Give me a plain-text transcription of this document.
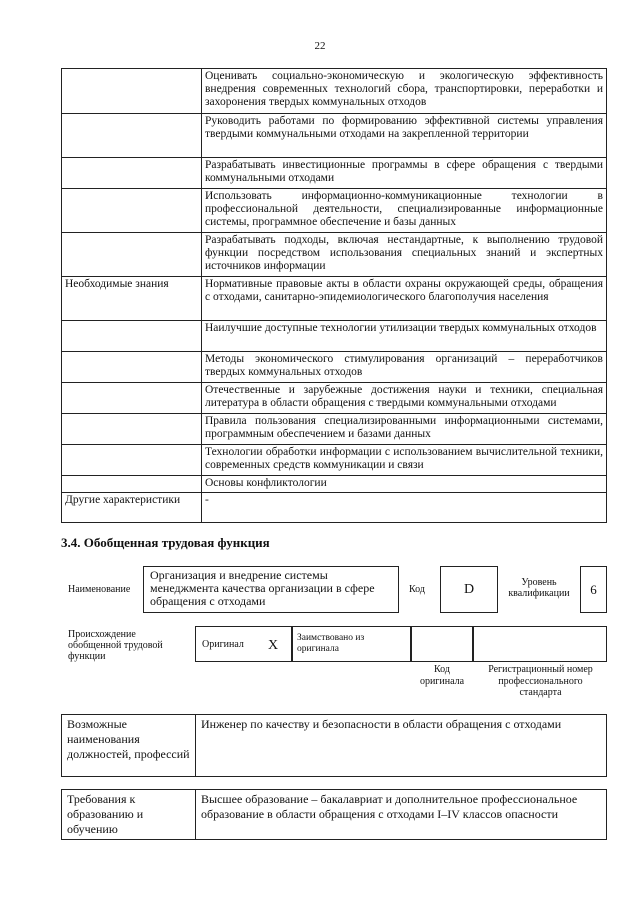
22
	Оценивать социально-экономическую и экологическую эффективность внедрения современных технологий сбора, транспортировки, переработки и захоронения твердых коммунальных отходов
	Руководить работами по формированию эффективной системы управления твердыми коммунальными отходами на закрепленной территории
	Разрабатывать инвестиционные программы в сфере обращения с твердыми коммунальными отходами
	Использовать информационно-коммуникационные технологии в профессиональной деятельности, специализированные информационные системы, программное обеспечение и базы данных
	Разрабатывать подходы, включая нестандартные, к выполнению трудовой функции посредством использования специальных знаний и экспертных источников информации
Необходимые знания	Нормативные правовые акты в области охраны окружающей среды, обращения с отходами, санитарно-эпидемиологического благополучия населения
	Наилучшие доступные технологии утилизации твердых коммунальных отходов
	Методы экономического стимулирования организаций – переработчиков твердых коммунальных отходов
	Отечественные и зарубежные достижения науки и техники, специальная литература в области обращения с твердыми коммунальными отходами
	Правила пользования специализированными информационными системами, программным обеспечением и базами данных
	Технологии обработки информации с использованием вычислительной техники, современных средств коммуникации и связи
	Основы конфликтологии
Другие характеристики	-
3.4. Обобщенная трудовая функция
Наименование
Организация и внедрение системы менеджмента качества организации в сфере обращения с отходами
Код	D	Уровень квалификации	6
Происхождение обобщенной трудовой функции
Оригинал	X	Заимствовано из оригинала
Код оригинала
Регистрационный номер профессионального стандарта
Возможные наименования должностей, профессий	Инженер по качеству и безопасности в области обращения с отходами
Требования к образованию и обучению	Высшее образование – бакалавриат и дополнительное профессиональное образование в области обращения с отходами I–IV классов опасности
